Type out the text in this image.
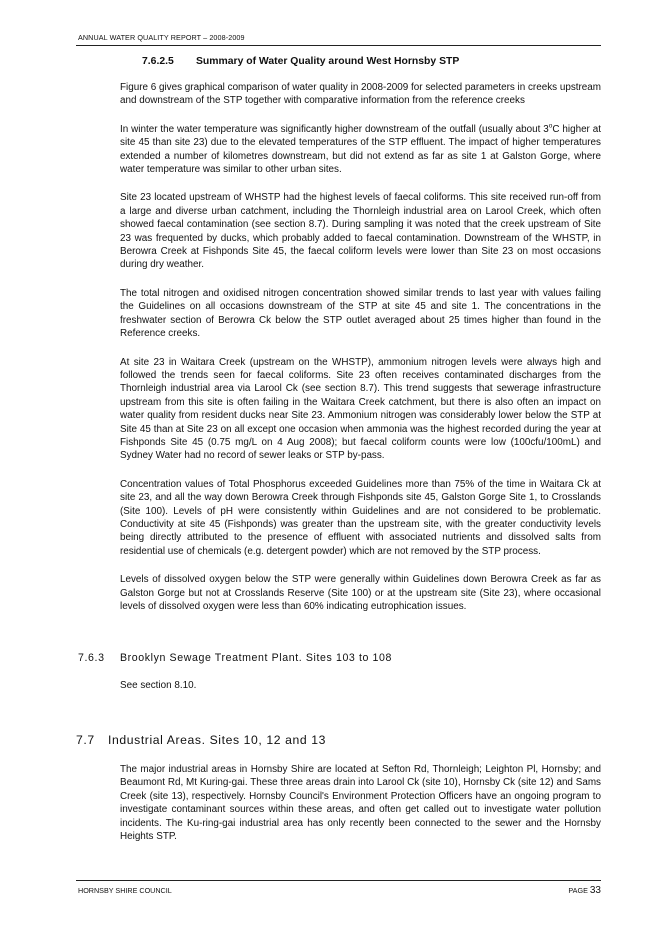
ANNUAL WATER QUALITY REPORT – 2008-2009
7.6.2.5 Summary of Water Quality around West Hornsby STP

Figure 6 gives graphical comparison of water quality in 2008-2009 for selected parameters in creeks upstream and downstream of the STP together with comparative information from the reference creeks

In winter the water temperature was significantly higher downstream of the outfall (usually about 3$^o$C higher at site 45 than site 23) due to the elevated temperatures of the STP effluent. The impact of higher temperatures extended a number of kilometres downstream, but did not extend as far as site 1 at Galston Gorge, where water temperature was similar to other urban sites.

Site 23 located upstream of WHSTP had the highest levels of faecal coliforms. This site received run-off from a large and diverse urban catchment, including the Thornleigh industrial area on Larool Creek, which often showed faecal contamination (see section 8.7). During sampling it was noted that the creek upstream of Site 23 was frequented by ducks, which probably added to faecal contamination. Downstream of the WHSTP, in Berowra Creek at Fishponds Site 45, the faecal coliform levels were lower than Site 23 on most occasions during dry weather.

The total nitrogen and oxidised nitrogen concentration showed similar trends to last year with values failing the Guidelines on all occasions downstream of the STP at site 45 and site 1. The concentrations in the freshwater section of Berowra Ck below the STP outlet averaged about 25 times higher than found in the Reference creeks.

At site 23 in Waitara Creek (upstream on the WHSTP), ammonium nitrogen levels were always high and followed the trends seen for faecal coliforms. Site 23 often receives contaminated discharges from the Thornleigh industrial area via Larool Ck (see section 8.7). This trend suggests that sewerage infrastructure upstream from this site is often failing in the Waitara Creek catchment, but there is also often an impact on water quality from resident ducks near Site 23. Ammonium nitrogen was considerably lower below the STP at Site 45 than at Site 23 on all except one occasion when ammonia was the highest recorded during the year at Fishponds Site 45 (0.75 mg/L on 4 Aug 2008); but faecal coliform counts were low (100cfu/100mL) and Sydney Water had no record of sewer leaks or STP by-pass.

Concentration values of Total Phosphorus exceeded Guidelines more than 75% of the time in Waitara Ck at site 23, and all the way down Berowra Creek through Fishponds site 45, Galston Gorge Site 1, to Crosslands (Site 100). Levels of pH were consistently within Guidelines and are not considered to be problematic. Conductivity at site 45 (Fishponds) was greater than the upstream site, with the greater conductivity levels being directly attributed to the presence of effluent with associated nutrients and dissolved salts from residential use of chemicals (e.g. detergent powder) which are not removed by the STP process.

Levels of dissolved oxygen below the STP were generally within Guidelines down Berowra Creek as far as Galston Gorge but not at Crosslands Reserve (Site 100) or at the upstream site (Site 23), where occasional levels of dissolved oxygen were less than 60% indicating eutrophication issues.

7.6.3 Brooklyn Sewage Treatment Plant. Sites 103 to 108
See section 8.10.
7.7 Industrial Areas. Sites 10, 12 and 13

The major industrial areas in Hornsby Shire are located at Sefton Rd, Thornleigh; Leighton Pl, Hornsby; and Beaumont Rd, Mt Kuring-gai. These three areas drain into Larool Ck (site 10), Hornsby Ck (site 12) and Sams Creek (site 13), respectively. Hornsby Council's Environment Protection Officers have an ongoing program to investigate contaminant sources within these areas, and often get called out to investigate water pollution incidents. The Ku-ring-gai industrial area has only recently been connected to the sewer and the Hornsby Heights STP.

HORNSBY SHIRE COUNCIL	PAGE 33
